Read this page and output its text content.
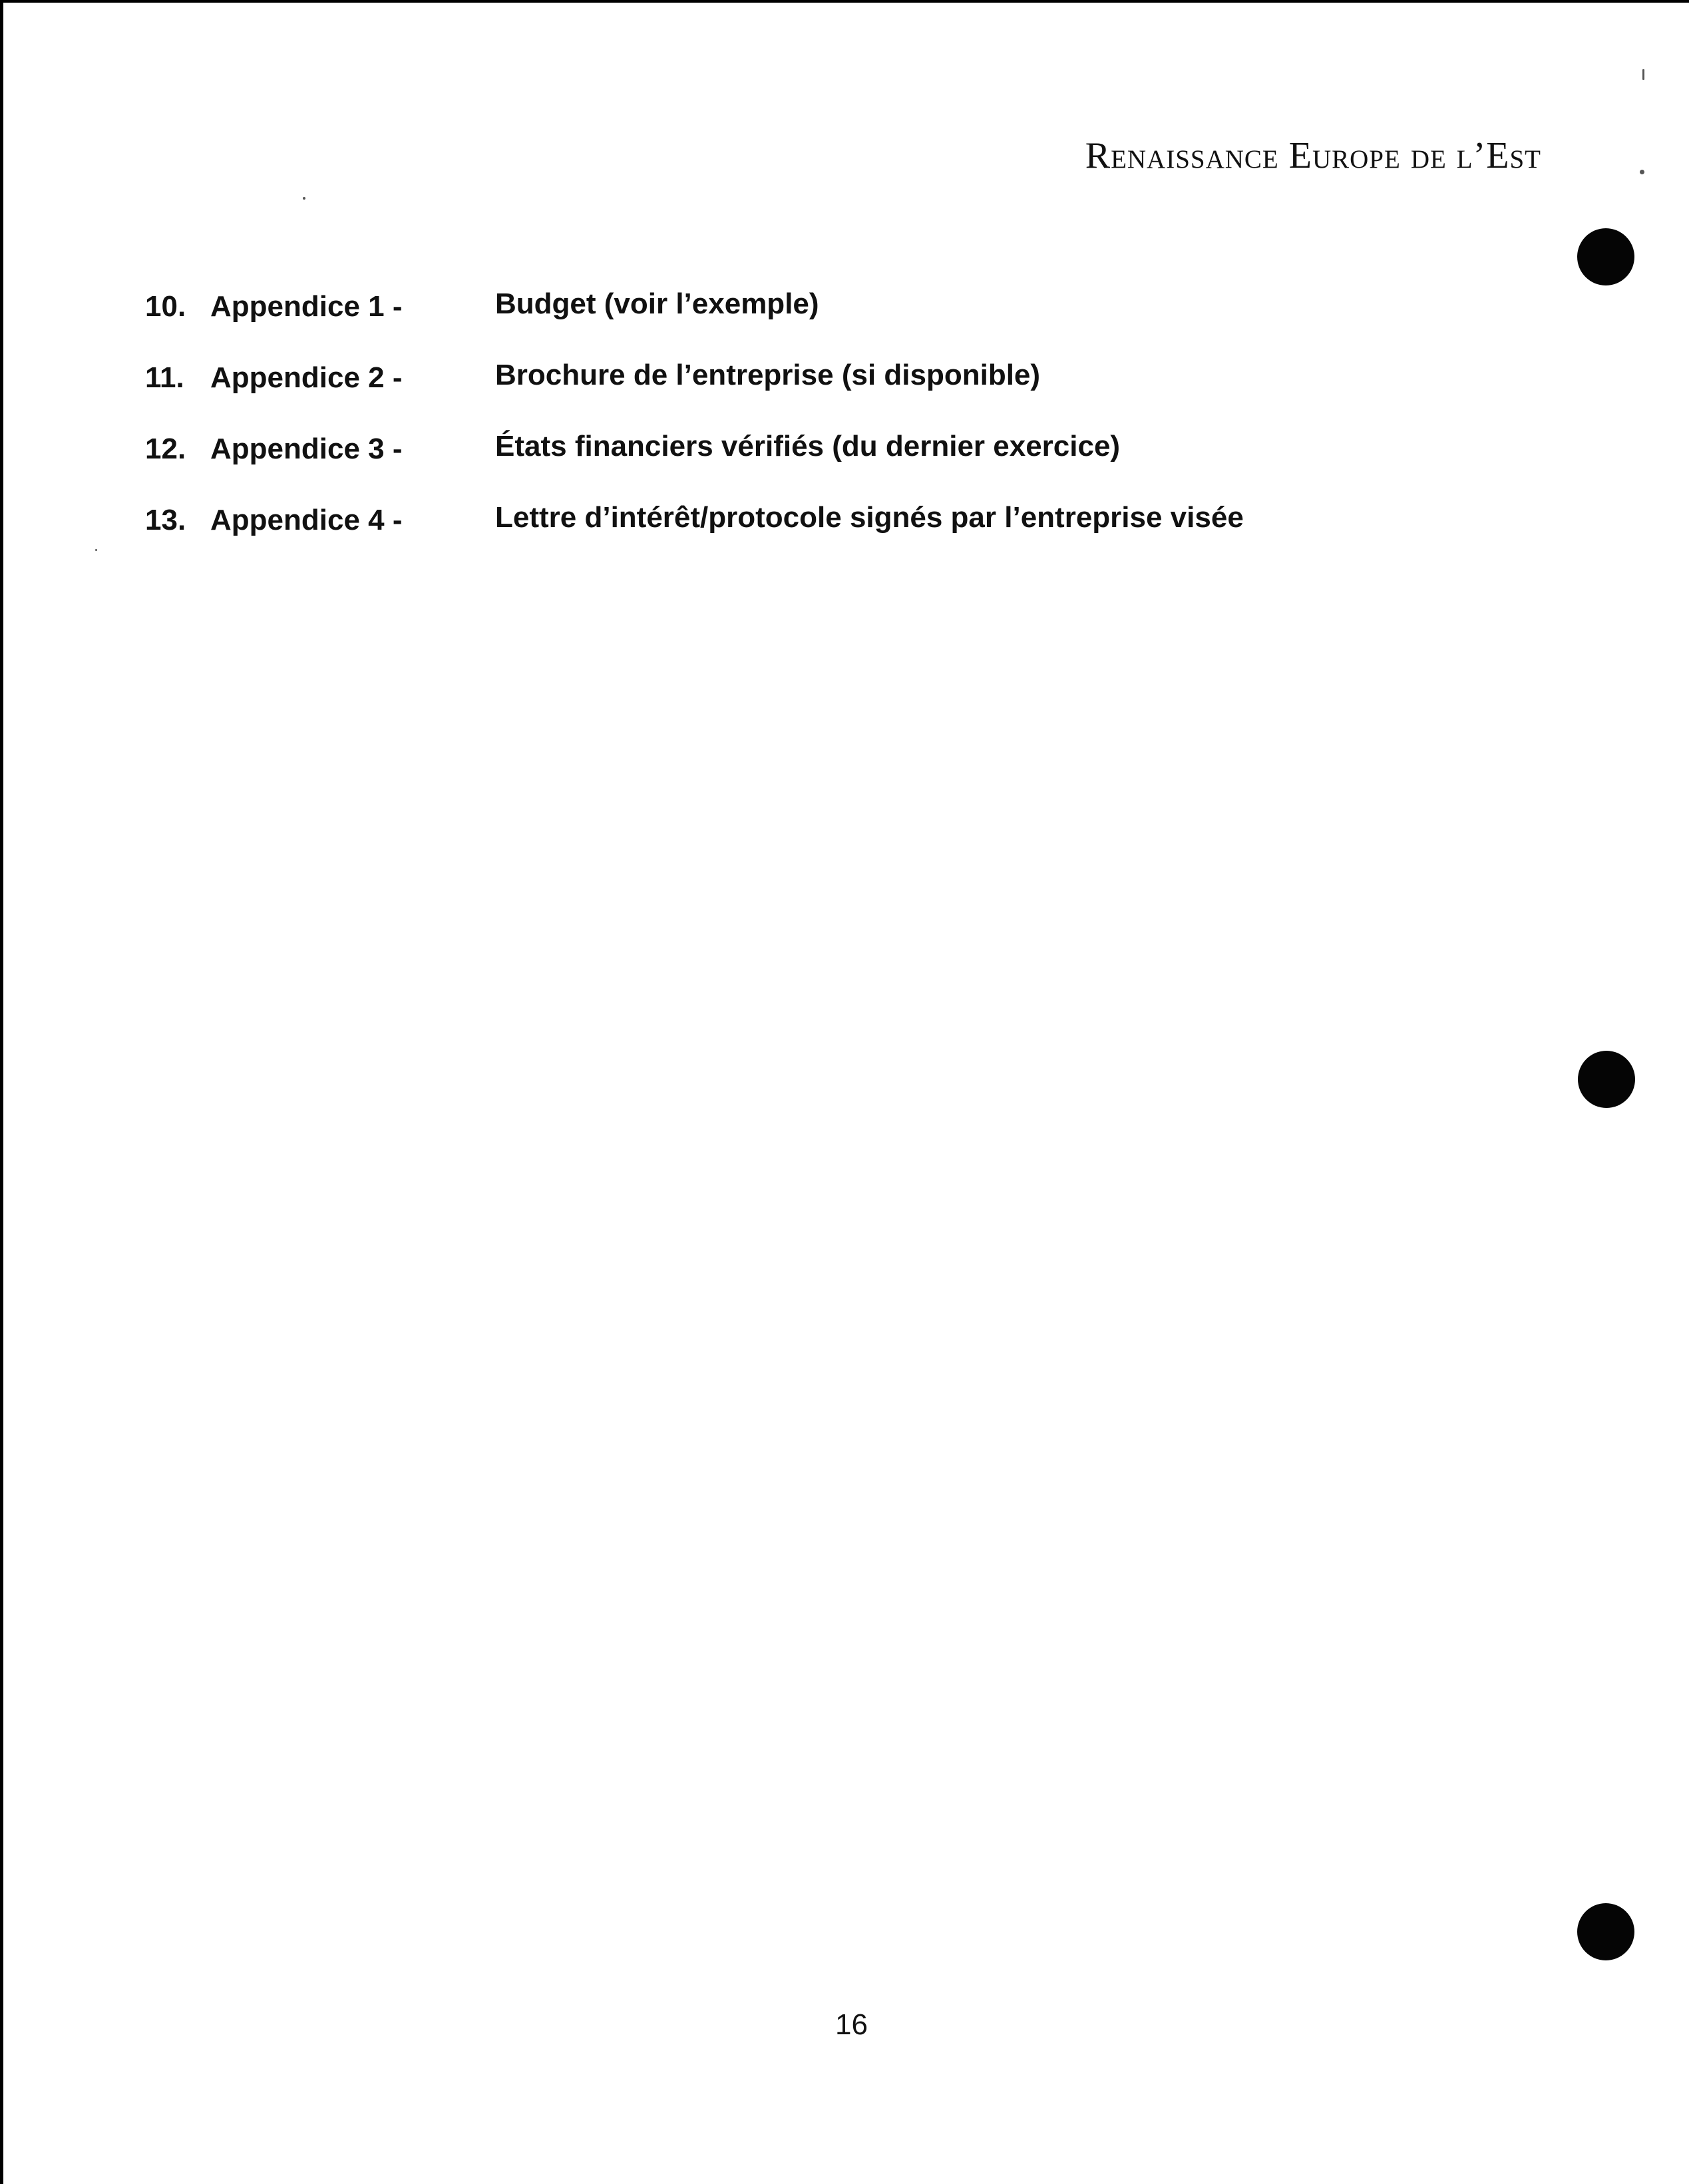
Renaissance Europe de l’Est
10. Appendice 1 -	Budget (voir l’exemple)
11. Appendice 2 -	Brochure de l’entreprise (si disponible)
12. Appendice 3 -	États financiers vérifiés (du dernier exercice)
13. Appendice 4 -	Lettre d’intérêt/protocole signés par l’entreprise visée
16
